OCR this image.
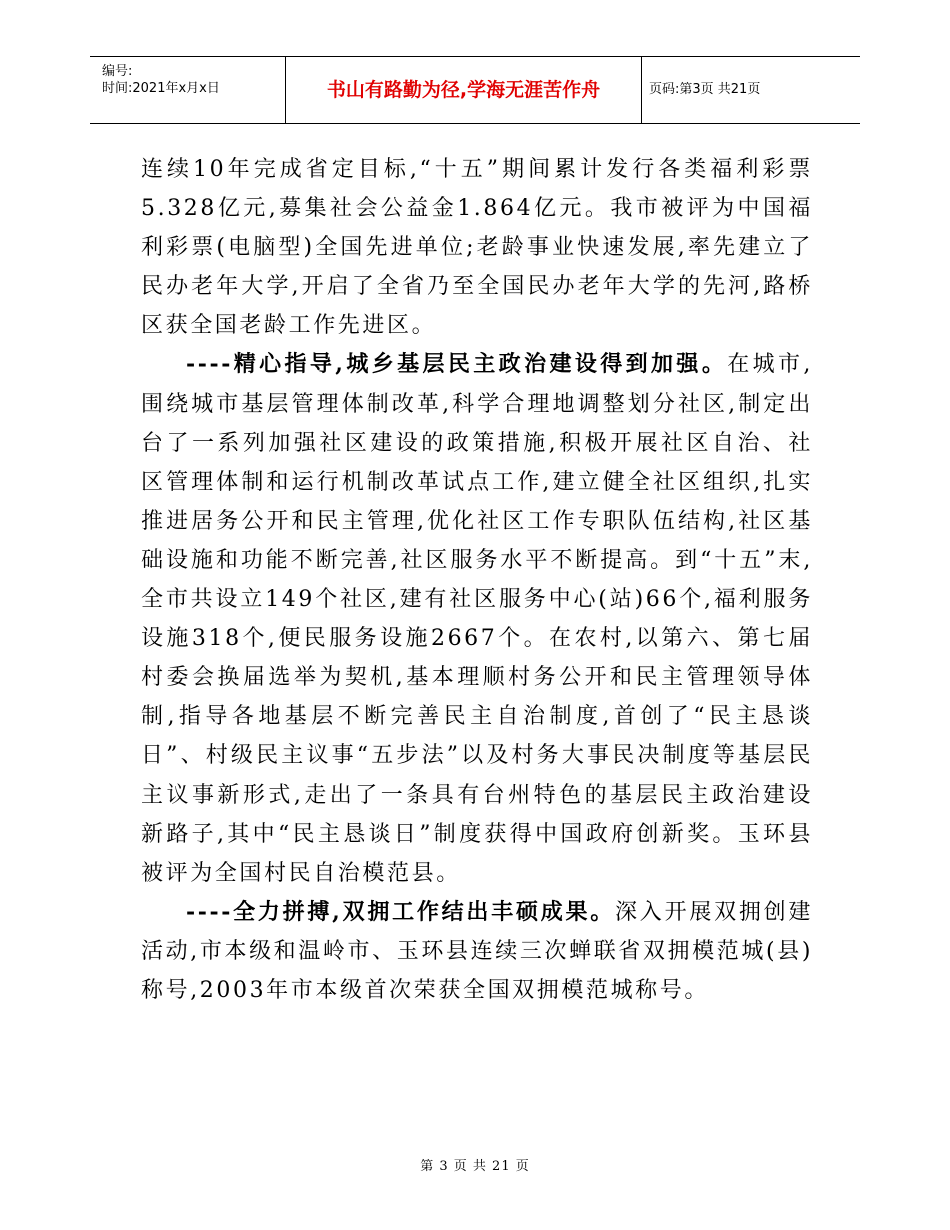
编号:
时间:2021年x月x日	书山有路勤为径,学海无涯苦作舟	页码:第3页 共21页

连续10年完成省定目标,“十五”期间累计发行各类福利彩票5.328亿元,募集社会公益金1.864亿元。我市被评为中国福利彩票(电脑型)全国先进单位;老龄事业快速发展,率先建立了民办老年大学,开启了全省乃至全国民办老年大学的先河,路桥区获全国老龄工作先进区。

----精心指导,城乡基层民主政治建设得到加强。在城市,围绕城市基层管理体制改革,科学合理地调整划分社区,制定出台了一系列加强社区建设的政策措施,积极开展社区自治、社区管理体制和运行机制改革试点工作,建立健全社区组织,扎实推进居务公开和民主管理,优化社区工作专职队伍结构,社区基础设施和功能不断完善,社区服务水平不断提高。到“十五”末,全市共设立149个社区,建有社区服务中心(站)66个,福利服务设施318个,便民服务设施2667个。在农村,以第六、第七届村委会换届选举为契机,基本理顺村务公开和民主管理领导体制,指导各地基层不断完善民主自治制度,首创了“民主恳谈日”、村级民主议事“五步法”以及村务大事民决制度等基层民主议事新形式,走出了一条具有台州特色的基层民主政治建设新路子,其中“民主恳谈日”制度获得中国政府创新奖。玉环县被评为全国村民自治模范县。

----全力拼搏,双拥工作结出丰硕成果。深入开展双拥创建活动,市本级和温岭市、玉环县连续三次蝉联省双拥模范城(县)称号,2003年市本级首次荣获全国双拥模范城称号。

第 3 页 共 21 页
